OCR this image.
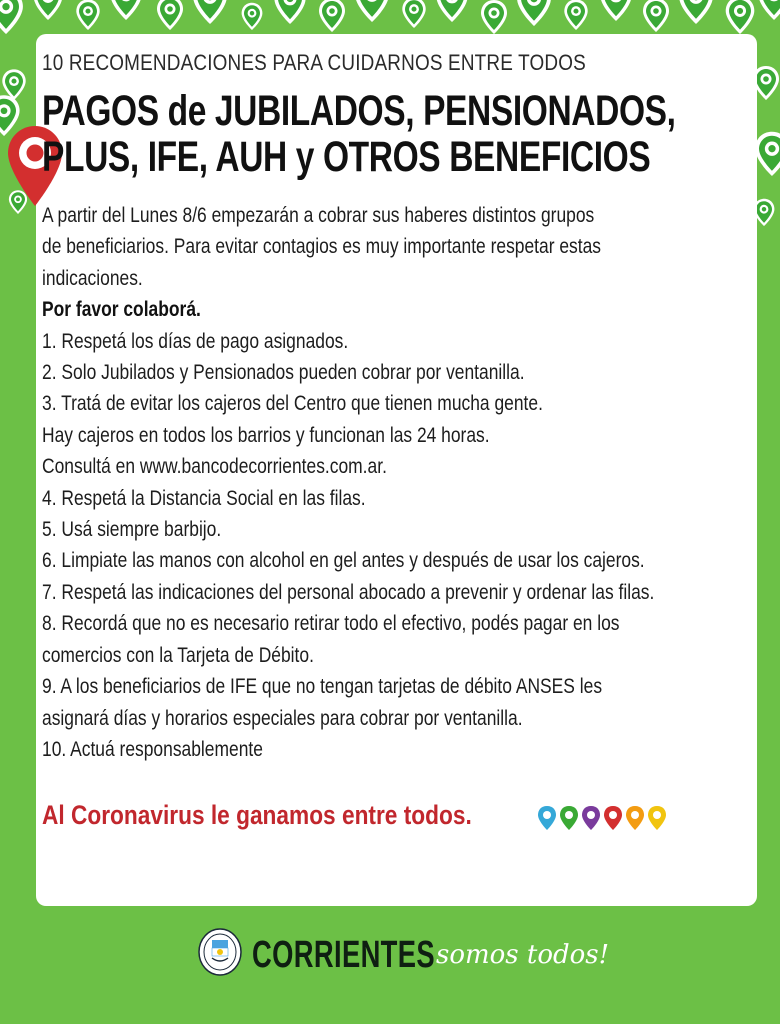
10 RECOMENDACIONES PARA CUIDARNOS ENTRE TODOS
PAGOS de JUBILADOS, PENSIONADOS,
PLUS, IFE, AUH y OTROS BENEFICIOS

A partir del Lunes 8/6 empezarán a cobrar sus haberes distintos grupos

de beneficiarios. Para evitar contagios es muy importante respetar estas

indicaciones.

Por favor colaborá.

1. Respetá los días de pago asignados.

2. Solo Jubilados y Pensionados pueden cobrar por ventanilla.

3. Tratá de evitar los cajeros del Centro que tienen mucha gente.

Hay cajeros en todos los barrios y funcionan las 24 horas.

Consultá en www.bancodecorrientes.com.ar.

4. Respetá la Distancia Social en las filas.

5. Usá siempre barbijo.

6. Limpiate las manos con alcohol en gel antes y después de usar los cajeros.

7. Respetá las indicaciones del personal abocado a prevenir y ordenar las filas.

8. Recordá que no es necesario retirar todo el efectivo, podés pagar en los

comercios con la Tarjeta de Débito.

9. A los beneficiarios de IFE que no tengan tarjetas de débito ANSES les

asignará días y horarios especiales para cobrar por ventanilla.

10. Actuá responsablemente

Al Coronavirus le ganamos entre todos.
CORRIENTES somos todos!
